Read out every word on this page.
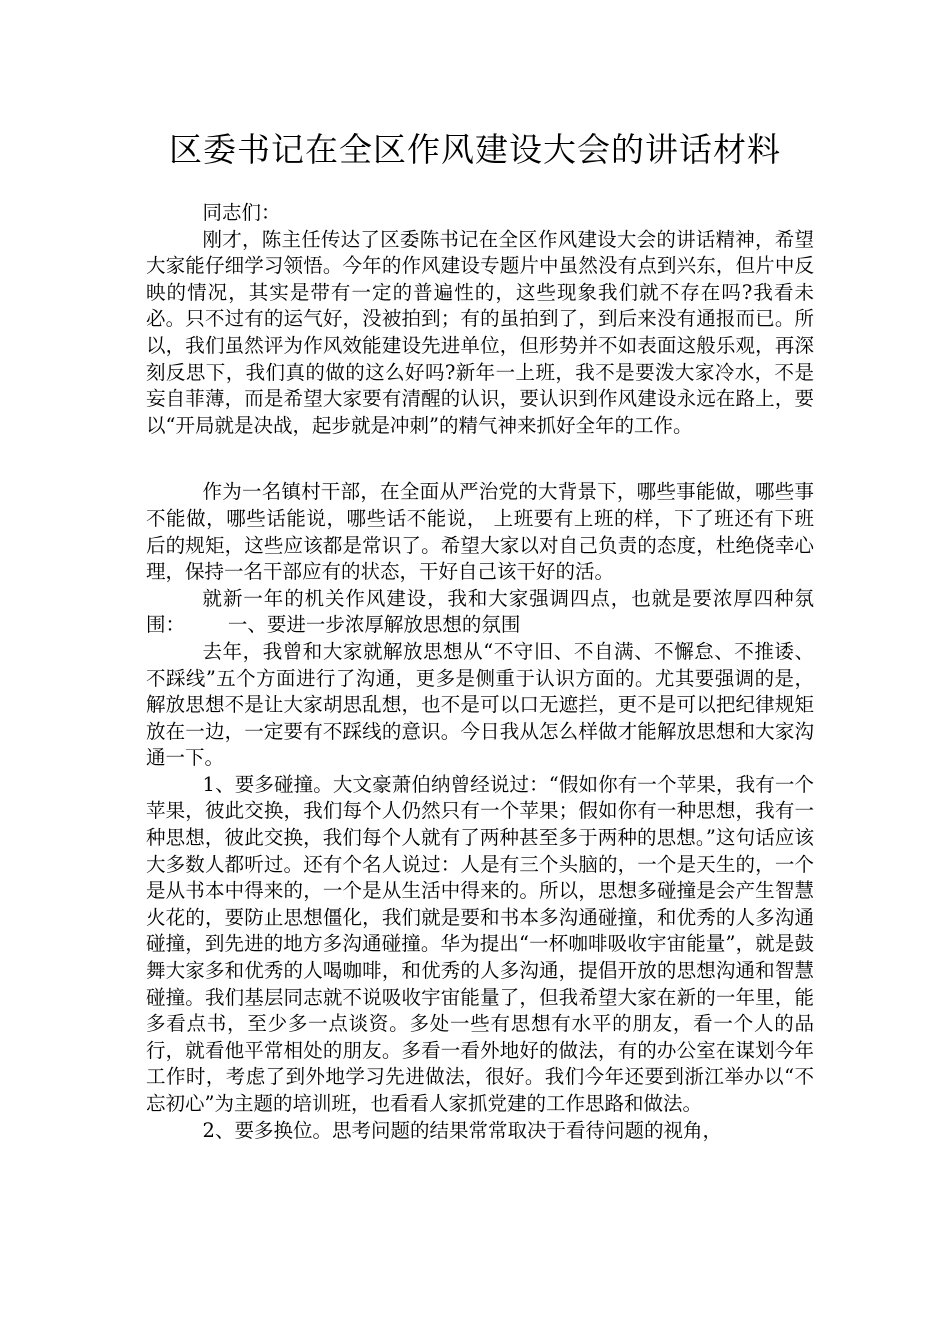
区委书记在全区作风建设大会的讲话材料

同志们：

刚才，陈主任传达了区委陈书记在全区作风建设大会的讲话精神，希望大家能仔细学习领悟。今年的作风建设专题片中虽然没有点到兴东，但片中反映的情况，其实是带有一定的普遍性的，这些现象我们就不存在吗?我看未必。只不过有的运气好，没被拍到；有的虽拍到了，到后来没有通报而已。所以，我们虽然评为作风效能建设先进单位，但形势并不如表面这般乐观，再深刻反思下，我们真的做的这么好吗?新年一上班，我不是要泼大家冷水，不是妄自菲薄，而是希望大家要有清醒的认识，要认识到作风建设永远在路上，要以“开局就是决战，起步就是冲刺”的精气神来抓好全年的工作。

作为一名镇村干部，在全面从严治党的大背景下，哪些事能做，哪些事不能做，哪些话能说，哪些话不能说， 上班要有上班的样，下了班还有下班后的规矩，这些应该都是常识了。希望大家以对自己负责的态度，杜绝侥幸心理，保持一名干部应有的状态，干好自己该干好的活。

就新一年的机关作风建设，我和大家强调四点，也就是要浓厚四种氛围： 一、要进一步浓厚解放思想的氛围

去年，我曾和大家就解放思想从“不守旧、不自满、不懈怠、不推诿、不踩线”五个方面进行了沟通，更多是侧重于认识方面的。尤其要强调的是，解放思想不是让大家胡思乱想，也不是可以口无遮拦，更不是可以把纪律规矩放在一边，一定要有不踩线的意识。今日我从怎么样做才能解放思想和大家沟通一下。

1、要多碰撞。大文豪萧伯纳曾经说过：“假如你有一个苹果，我有一个苹果，彼此交换，我们每个人仍然只有一个苹果；假如你有一种思想，我有一种思想，彼此交换，我们每个人就有了两种甚至多于两种的思想。”这句话应该大多数人都听过。还有个名人说过：人是有三个头脑的，一个是天生的，一个是从书本中得来的，一个是从生活中得来的。所以，思想多碰撞是会产生智慧火花的，要防止思想僵化，我们就是要和书本多沟通碰撞，和优秀的人多沟通碰撞，到先进的地方多沟通碰撞。华为提出“一杯咖啡吸收宇宙能量”，就是鼓舞大家多和优秀的人喝咖啡，和优秀的人多沟通，提倡开放的思想沟通和智慧碰撞。我们基层同志就不说吸收宇宙能量了，但我希望大家在新的一年里，能多看点书，至少多一点谈资。多处一些有思想有水平的朋友，看一个人的品行，就看他平常相处的朋友。多看一看外地好的做法，有的办公室在谋划今年工作时，考虑了到外地学习先进做法，很好。我们今年还要到浙江举办以“不忘初心”为主题的培训班，也看看人家抓党建的工作思路和做法。

2、要多换位。思考问题的结果常常取决于看待问题的视角，
